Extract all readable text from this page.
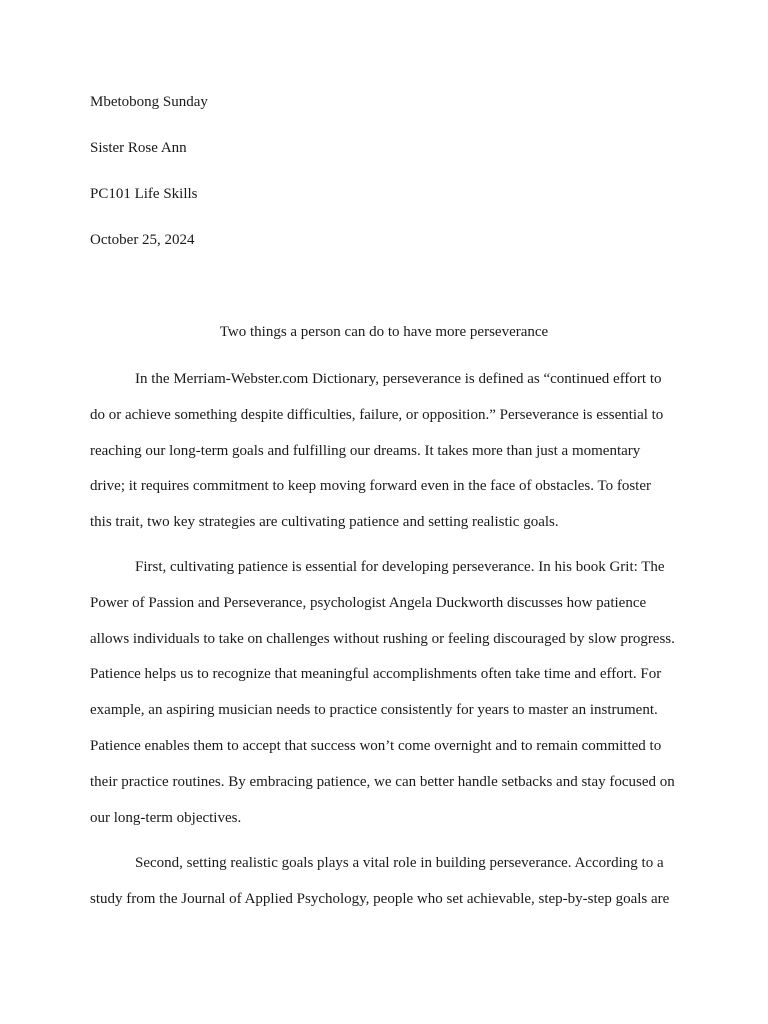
Mbetobong Sunday

Sister Rose Ann

PC101 Life Skills

October 25, 2024

Two things a person can do to have more perseverance

In the Merriam-Webster.com Dictionary, perseverance is defined as “continued effort to
do or achieve something despite difficulties, failure, or opposition.” Perseverance is essential to
reaching our long-term goals and fulfilling our dreams. It takes more than just a momentary
drive; it requires commitment to keep moving forward even in the face of obstacles. To foster
this trait, two key strategies are cultivating patience and setting realistic goals.
First, cultivating patience is essential for developing perseverance. In his book Grit: The
Power of Passion and Perseverance, psychologist Angela Duckworth discusses how patience
allows individuals to take on challenges without rushing or feeling discouraged by slow progress.
Patience helps us to recognize that meaningful accomplishments often take time and effort. For
example, an aspiring musician needs to practice consistently for years to master an instrument.
Patience enables them to accept that success won’t come overnight and to remain committed to
their practice routines. By embracing patience, we can better handle setbacks and stay focused on
our long-term objectives.
Second, setting realistic goals plays a vital role in building perseverance. According to a
study from the Journal of Applied Psychology, people who set achievable, step-by-step goals are
